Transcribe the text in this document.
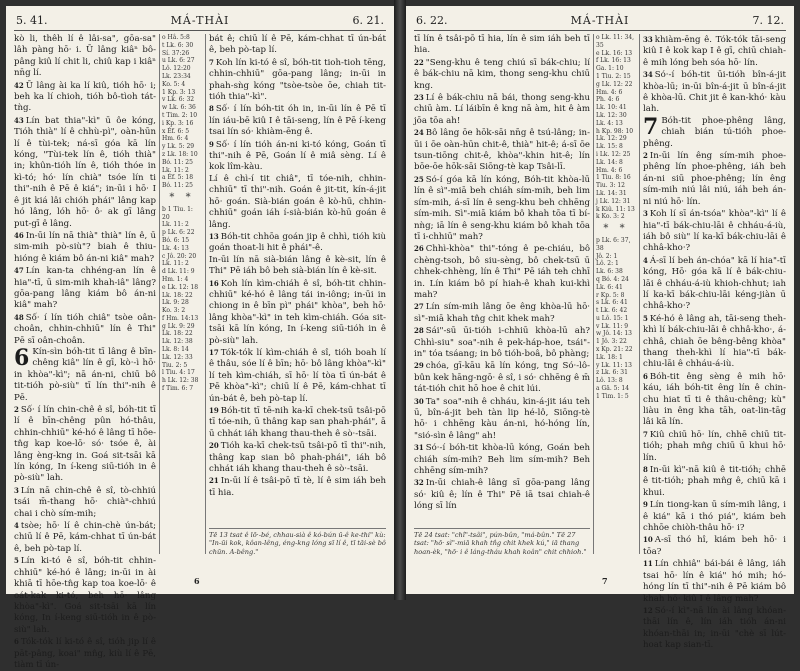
5. 41.	MÁ-THÀI	6. 21.

kò li, thêh lí ê lâi-sa", gōa-sa" lâh pàng hō· i. Ū lâng kiâⁿ bô-pâng kiû lí chit li, chiû kap i kiâⁿ nn̄g lí.

42 Ū lâng ài ka lí kiû, tióh hō· i; beh ka lí chioh, tióh bô-tìoh tát-tǹg.

43 Lín bat thia"-kì" ū ôe kóng, Tióh thià" lí ê chhù-pì", oàn-hūn lí ê tùi-tek; ná-sī góa kā lín kóng, "Tùi-tek lín ê, tióh thià" in; khûn-tióh lín ê, tióh thóe in kì-tó; hó· lín chià" tsóe lín ti thi"-nih ê Pē ê kiá"; in-ūi i hō· I ê jit kiá lâi chióh phái" lâng kap hó lâng, lóh hō· ô· ak gī lâng put-gī ê lâng.

46 In-ūi lín nā thià" thià" lín ê, ū sim-mih pò-siù"? biah ê thiu-hióng ê kiám bô án-ni kiâ" mah?

47 Lín kan-ta chhéng-an lín ê hia"-tī, ū sim-mih khah-iâ" lâng? gōa-pang lâng kiám bô án-ni kiâ" mah?

48 Số· í lín tióh chiâ" tsòe oân-choân, chhin-chhiū" lín ê Thi" Pē sī oân-choân.

6 Kín-sìn bóh-tit tī lâng ê bīn-chêng kiâ" lín ê gī, kò·-ì hō· in khòa"-kì"; nā án-ni, chiū bô tit-tióh pò-siù" tī lín thi"-nih ê Pē.

2 Số· í lín chin-chê ê sî, bóh-tit tī lí ê bīn-chêng pûn hó-thâu, chhin-chhiū" ké-hó ê lâng tī hōe-tn̂g kap koe-lō· só· tsóe ê, ài lâng èng-kng in. Goá sit-tsāi kā lín kóng, In í-keng siū-tióh in ê pò-siù" lah.

3 Lín nā chin-chê ê sî, tò-chhiú tsái m̄-thang hō· chiàⁿ-chhiú chai i chò sím-mih;

4 tsòe; hō· lí ê chin-chè ún-bát; chiū lí ê Pē, kám-chhat tī ún-bát ê, beh pò-tap lí.

5 Lín ki-tó ê sî, bóh-tit chhin-chhiū" ké-hó ê lâng; in-ūi in ài khiā tī hōe-tn̂g kap toa koe-lō· ê oát-kak ki-tó, beh hō· lâng khòa"-kì". Goá sit-tsāi kā lín kóng, In í-keng siū-tióh in ê pò-siù" lah.

6 Tók-tók lí ki-tó ê sî, tióh jip lí ê pāt-pâng, koai" mn̂g, kiù lí ê Pē, tiàm tī ún-

o Hâ. 5:8
t Lk. 6: 30
Sí. 37:26
u Lk. 6: 27
Lô. 12:20
Lk. 23:34
Ko. 5: 4
1 Kp. 3: 13
v Lk. 6: 32
w Lk. 6: 36
t Tim. 2: 10
i Kp. 3: 16
x Éf. 6: 5
Hm. 6: 4
y Lk. 5: 29
z Lk. 18: 10
Bó. 11: 25
Lk. 11: 2
a Éf. 5: 18
Bó. 11: 25
* *
b 1 Tiu. 1: 20
Lk. 11: 2
p Lk. 6: 22
Bó. 6: 15
Lk. 4: 13
c Jô. 20: 20
Lk. 11: 2
d Lk. 11: 9
Hm. 1: 4
e Lk. 12: 18
Lk. 18: 22
Lk. 9: 28
Ko. 3: 2
f Hm. 14:13
g Lk. 9: 29
Lk. 18: 22
Lk. 12: 38
Lk. 8: 14
Lk. 12: 33
Tiu. 2: 5
l Tiu. 4: 17
h Lk. 12: 38
f Tim. 6: 7

bát ê; chiū lí ê Pē, kám-chhat tī ún-bát ê, beh pò-tap lí.

7 Koh lín ki-tó ê sî, bóh-tit tioh-tioh tēng, chhin-chhiū" gōa-pang lâng; in-ūi in phah-sǹg kóng "tsòe-tsòe ōe, chiah tit-tióh thia"-kì".

8 Số· í lín bóh-tit óh in, in-ūi lín ê Pē tī lín iáu-bē kiû I ê tāi-seng, lín ê Pē í-keng tsai lín só· khiàm-ēng ê.

9 Số· í lín tióh án-ni ki-tó kóng, Goán tī thi"-nih ê Pē, Goán lí ê miâ sèng. Lí ê kok lîm-kàu.

Lí ê chì-í tit chiâ", tī tóe-nih, chhin-chhiū" tī thi"-nih. Goán ê jit-tit, kín-á-jit hō· goán. Sià-bián goán ê kò-hū, chhin-chhiū" goán iáh í-sià-bián kò-hū goán ê lâng.

13 Bóh-tit chhōa goán jip ê chhì, tióh kiù goán thoat-li hit ê phái"-ê.

In-ūi lín nā sià-bián lâng ê kè-sit, lín ê Thi" Pē iáh bô beh sià-bián lín ê kè-sit.

16 Koh lín kìm-chiáh ê sî, bóh-tit chhin-chhiū" ké-hó ê lâng tái in-iông; in-ūi in chiong in ê bīn pì" phái" khòa", beh hō· lâng khòa"-kì" in teh kìm-chiáh. Góa sit-tsāi kā lín kóng, In í-keng siū-tióh in ê pò-siù" lah.

17 Tók-tók lí kìm-chiáh ê sî, tióh boah lí ê thâu, sóe lí ê bīn; hō· bô lâng khòa"-kì" lí teh kìm-chiáh, sī hō· lí tòa tī ún-bát ê Pē khòa"-kì"; chiū lí ê Pē, kám-chhat tī ún-bát ê, beh pò-tap lí.

19 Bóh-tit tī tē-nih ka-kī chek-tsū tsâi-pō tī tóe-nih, ū thâng kap san phah-phái", ā ū chhát iáh khang thau-theh ê sò·-tsāi.

20 Tióh ka-kī chek-tsū tsâi-pō tī thi"-nih, thâng kap sian bô phah-phái", iáh bô chhát iáh khang thau-theh ê sò·-tsāi.

21 In-ūi lí ê tsâi-pō tī tè, lí ê sim iáh beh tī hia.

Tē 13 tsat ê lō·-bé, chhau-sià ê kó-bún ū-ê ke-thi" kù: "In-ūi kok, kôan-lêng, éng-kng lóng sī lí ê, tī tāi-sè bô chūn. A-bêng."
6
6. 22.	MÁ-THÀI	7. 12.

tī lín ê tsâi-pō tī hia, lín ê sim iáh beh tī hia.

22 "Seng-khu ê teng chiú sī bák-chiu; lí ê bák-chiu nā kim, thong seng-khu chiū kng.

23 Lí ê bák-chiu nā bái, thong seng-khu chiū àm. Lí láibīn ê kng nā àm, hit ê àm jōa tōa ah!

24 Bô lâng ōe hōk-sāi nn̄g ê tsú-lâng; in-ūi i ōe oàn-hūn chit-ê, thià" hit-ê; á-sī ōe tsun-tiōng chit-ê, khòa"-khin hit-ê; lín bōe-ōe hōk-sāi Siōng-tè kap Tsâi-lī.

25 Só-í góa kā lín kóng, Bóh-tit khòa-lū lín ê sì"-miā beh chiáh sím-mih, beh lim sím-mih, á-sī lín ê seng-khu beh chhēng sím-mih. Sì"-miā kiám bô khah tōa tī bí-nǹg; iā lín ê seng-khu kiám bô khah tōa tī i-chhiū" mah?

26 Chhì-khòa" thi"-tóng ê pe-chiáu, bô chèng-tsoh, bô siu-sèng, bô chek-tsū ū chhek-chhèng, lín ê Thi" Pē iáh teh chhī in. Lín kiám bô pí hiah-ê khah kui-khì mah?

27 Lín sím-mih lâng ōe êng khòa-lū hō· sì"-miā khah tn̂g chit khek mah?

28 Sái"-sū ūi-tióh i-chhiū khòa-lū ah? Chhì-siu" soa"-nih ê pek-háp-hoe, tsái"-in" tóa tsáang; in bô tióh-boâ, bô phàng;

29 chóa, gī-kāu kā lín kóng, tng Só·-lô-bûn kek hāng-ngō· ê sî, i só· chhēng ê m̄ tát-tióh chit hō hoe ê chit lúi.

30 Ta" soa"-nih ê chháu, kin-á-jit iáu teh ū, bîn-á-jit beh tàn lip hé-lô, Siōng-tè hō· i chhēng kàu án-ni, hó-hóng lín, "sió-sìn ê lâng" ah!

31 Só·-í bóh-tit khòa-lū kóng, Goán beh chiáh sím-mih? Beh lim sím-mih? Beh chhēng sím-mih?

32 In-ūi chiah-ê lâng sī gōa-pang lâng só· kiû ê; lín ê Thi" Pē iā tsai chiah-ê lóng sī lín

o Lk. 11: 34, 35
e Lk. 16: 13
f Lk. 16: 13
Ga. 1: 10
1 Tiu. 2: 15
g Lk. 12: 22
Hm. 4: 6
Ph. 4: 6
Lk. 10: 41
Lk. 12: 30
Lk. 4: 13
h Kp. 98: 10
Lk. 12: 29
Lk. 15: 8
i Lk. 12: 25
Lk. 14: 8
Hm. 4: 6
1 Tiu. 8: 16
Tiu. 3: 12
Lk. 14: 31
j Lk. 12: 31
k Kiû. 11: 13
k Ko. 3: 2
* *
p Lk. 6: 37, 38
Jô. 2: 1
Lô. 2: 1
Lk. 6: 38
q Bó. 4: 24
Lk. 6: 41
r Kp. 5: 8
s Lk. 6: 41
t Lk. 6: 42
u Lô. 15: 1
v Lk. 11: 9
w Jô. 14: 13
1 Jô. 3: 22
x Kp. 21: 22
Lk. 18: 1
y Lk. 11: 13
z Lk. 6: 31
Lô. 13: 8
a Gā. 5: 14
1 Tim. 1: 5

33 khiàm-ēng ê. Tók-tók tāi-seng kiû I ê kok kap I ê gī, chiū chiah-ê mih lóng beh sóa hō· lín.

34 Só·-í bóh-tit ūi-tióh bîn-á-jit khòa-lū; in-ūi bîn-á-jit ū bîn-á-jit ê khòa-lū. Chit jit ê kan-khó· kàu lah.

7 Bóh-tit phoe-phêng lâng, chiah bián tú-tióh phoe-phêng.

2 In-ūi lín êng sím-mih phoe-phêng lín phoe-phêng, iáh beh án-ni siū phoe-phêng; lín êng sím-mih niú lâi niú, iáh beh án-ni niú hō· lín.

3 Koh lí sī án-tsóa" khòa"-kì" lí ê hia"-tī bák-chiu-lāi ê chháu-á-iù, iáh bô siù" lí ka-kī bák-chiu-lāi ê chhâ-kho·?

4 Á-sī lí beh án-chóa" kā lí hia"-tī kóng, Hō· góa kā lí ê bák-chiu-lāi ê chháu-á-iù khioh-chhut; iah lí ka-kī bák-chiu-lāi kéng-jiàn ū chhâ-kho·?

5 Ké-hó ê lâng ah, tāi-seng theh-khì lí bák-chiu-lāi ê chhâ-kho·, á-chhâ, chiah ōe bêng-bêng khòa" thang theh-khì lí hia"-tī bák-chiu-lāi ê chháu-á-iù.

6 Bóh-tit êng sèng ê mih hō· káu, iáh bóh-tit êng lín ê chin-chu hiat tī ti ê thâu-chêng; kù" liàu in êng kha tāh, oat-lin-tāg lâi kā lín.

7 Kiû chiū hō· lín, chhē chiū tit-tióh; phah mn̂g chiū ū khui hō· lín.

8 In-ūi kì"-nā kiû ê tit-tióh; chhē ê tit-tióh; phah mn̂g ê, chiū kā i khui.

9 Lín tiong-kan ū sím-mih lâng, i ê kiá" kā i thó piá", kiám beh chhōe chiòh-thâu hō· i?

10 A-sī thó hî, kiám beh hō· i tōa?

11 Lín chhiâ" bái-bái ê lâng, iáh tsai hō· lín ê kiá" hó mih; hó-hóng lín tī thi"-nih ê Pē kiám bô khah hō· kiû I ê lâng mah?

12 Só·-í kì"-nā lín ài lâng khóan-thāi lín ê, lín iáh tióh án-ni khóan-thāi in; in-ūi "chè sī lút-hoat kap sian-tī.

Tē 24 tsat: "chî"-tsâi", pún-bûn, "má-bûn." Tē 27 tsat: "hō· sì"-miā khah tn̂g chit khek kú," iā thang hoan-èk, "hō· i ê láng-tháu khah koân" chit chhioh."
7
